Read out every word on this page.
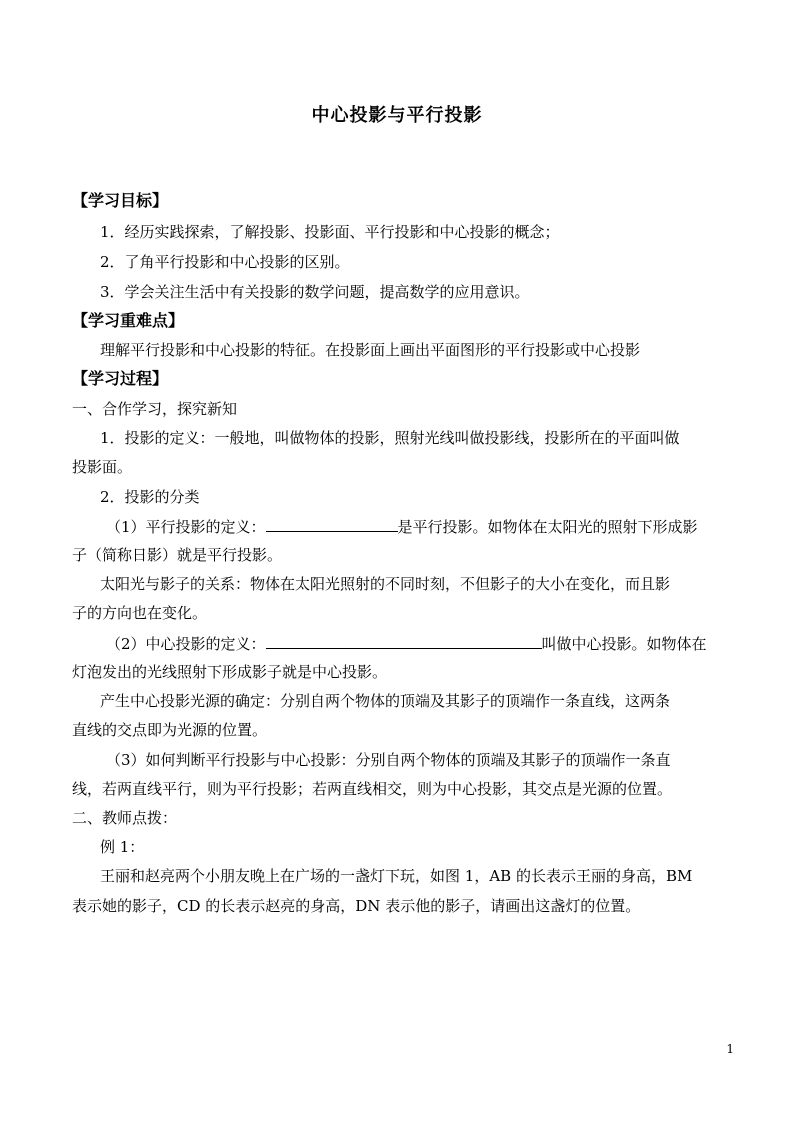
中心投影与平行投影
【学习目标】
1．经历实践探索，了解投影、投影面、平行投影和中心投影的概念；
2．了角平行投影和中心投影的区别。
3．学会关注生活中有关投影的数学问题，提高数学的应用意识。
【学习重难点】
理解平行投影和中心投影的特征。在投影面上画出平面图形的平行投影或中心投影
【学习过程】
一、合作学习，探究新知
1．投影的定义：一般地，叫做物体的投影，照射光线叫做投影线，投影所在的平面叫做
投影面。
2．投影的分类
（1）平行投影的定义：	是平行投影。如物体在太阳光的照射下形成影
子（简称日影）就是平行投影。
太阳光与影子的关系：物体在太阳光照射的不同时刻，不但影子的大小在变化，而且影
子的方向也在变化。
（2）中心投影的定义：	叫做中心投影。如物体在
灯泡发出的光线照射下形成影子就是中心投影。
产生中心投影光源的确定：分别自两个物体的顶端及其影子的顶端作一条直线，这两条
直线的交点即为光源的位置。
（3）如何判断平行投影与中心投影：分别自两个物体的顶端及其影子的顶端作一条直
线，若两直线平行，则为平行投影；若两直线相交，则为中心投影，其交点是光源的位置。
二、教师点拨：
例 1：
王丽和赵亮两个小朋友晚上在广场的一盏灯下玩，如图 1，AB 的长表示王丽的身高，BM
表示她的影子，CD 的长表示赵亮的身高，DN 表示他的影子，请画出这盏灯的位置。
1
